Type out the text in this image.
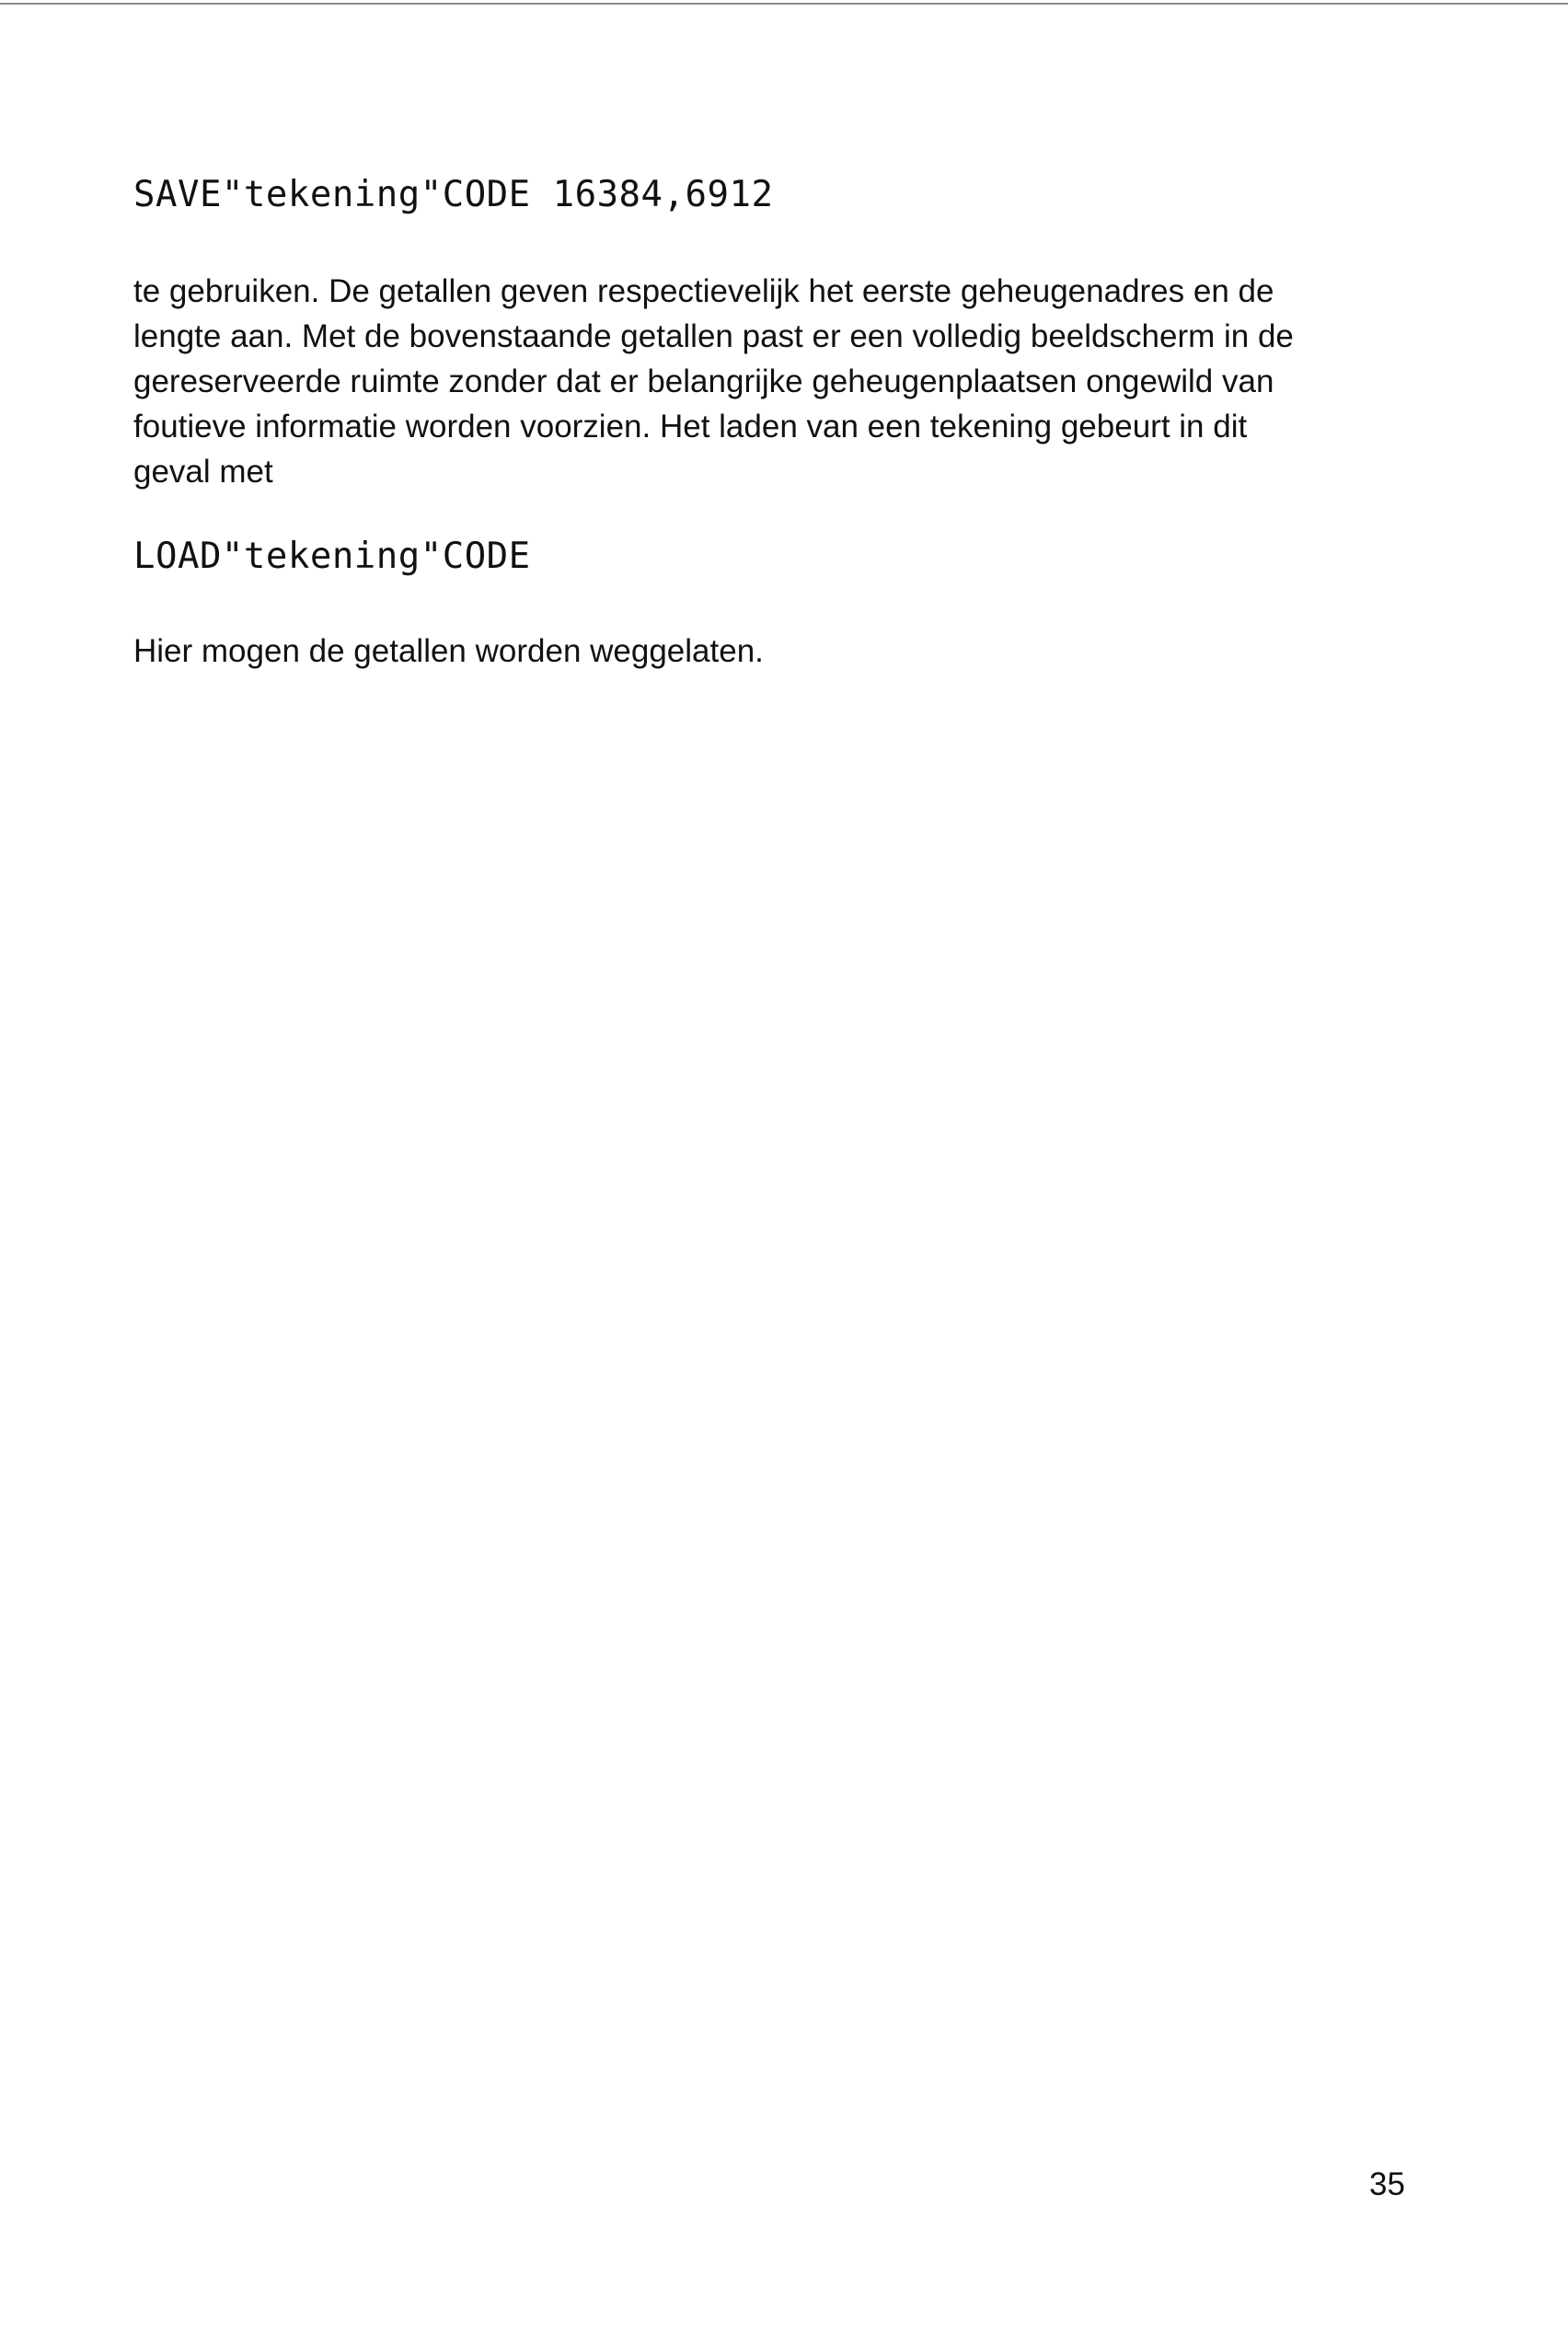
SAVE"tekening"CODE 16384,6912

te gebruiken. De getallen geven respectievelijk het eerste geheugenadres en de
lengte aan. Met de bovenstaande getallen past er een volledig beeldscherm in de
gereserveerde ruimte zonder dat er belangrijke geheugenplaatsen ongewild van
foutieve informatie worden voorzien. Het laden van een tekening gebeurt in dit
geval met

LOAD"tekening"CODE

Hier mogen de getallen worden weggelaten.

35
